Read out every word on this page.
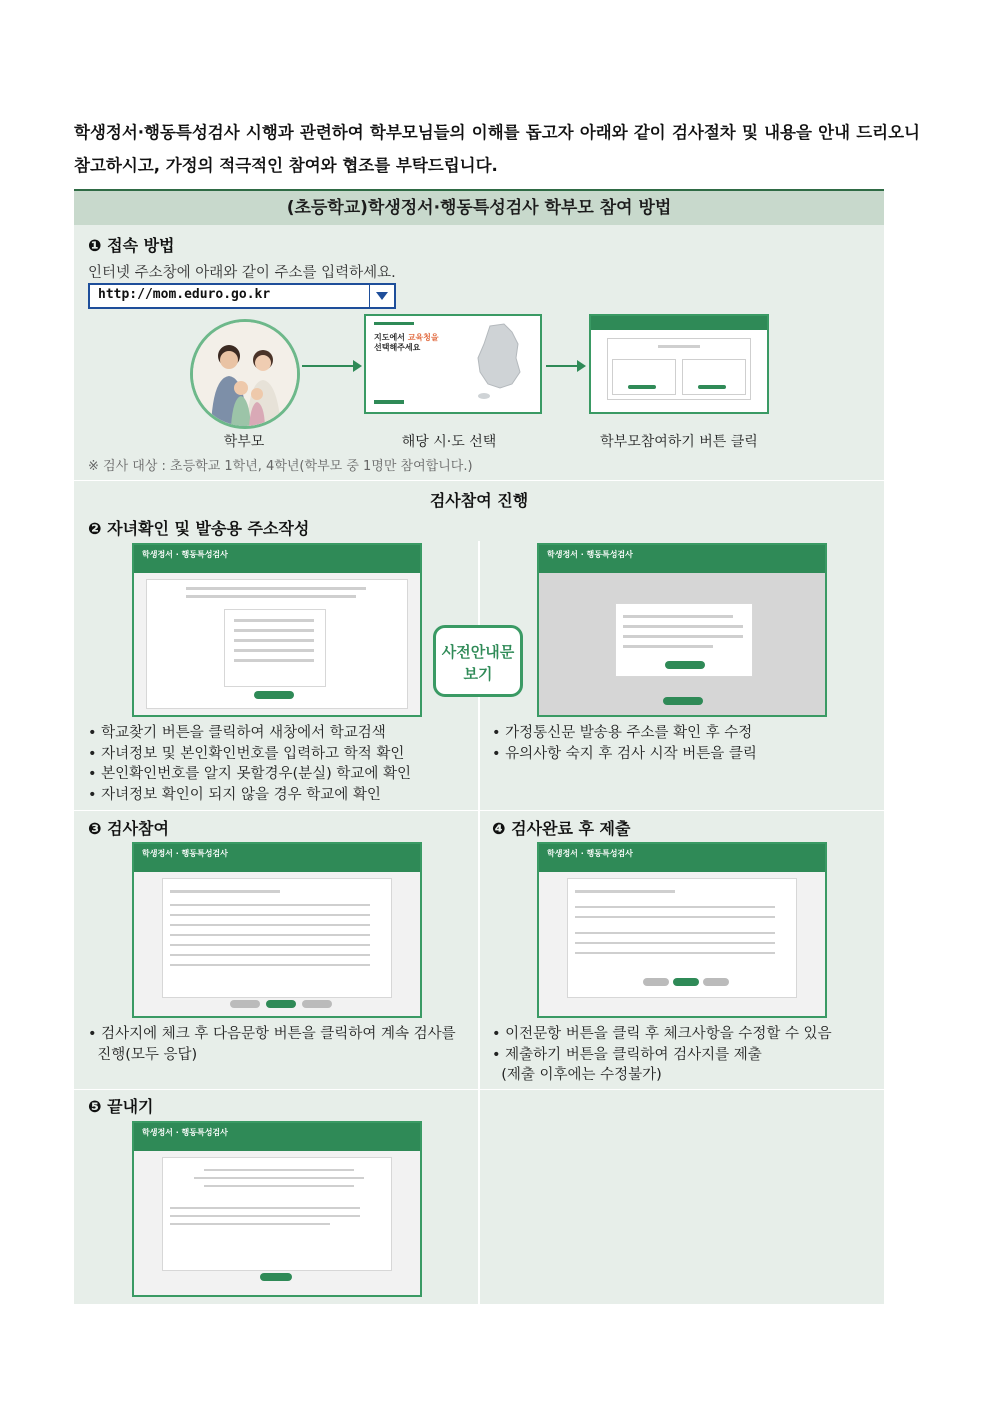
학생정서·행동특성검사 시행과 관련하여 학부모님들의 이해를 돕고자 아래와 같이 검사절차 및 내용을 안내 드리오니 참고하시고, 가정의 적극적인 참여와 협조를 부탁드립니다.
(초등학교)학생정서·행동특성검사 학부모 참여 방법
❶ 접속 방법
인터넷 주소창에 아래와 같이 주소를 입력하세요.
http://mom.eduro.go.kr
지도에서 교육청을
선택해주세요
학부모	해당 시·도 선택	학부모참여하기 버튼 클릭
※ 검사 대상 : 초등학교 1학년, 4학년(학부모 중 1명만 참여합니다.)
검사참여 진행
❷ 자녀확인 및 발송용 주소작성
학생정서 · 행동특성검사
사전안내문
보기
학생정서 · 행동특성검사
• 학교찾기 버튼을 클릭하여 새창에서 학교검색
• 자녀정보 및 본인확인번호를 입력하고 학적 확인
• 본인확인번호를 알지 못할경우(분실) 학교에 확인
• 자녀정보 확인이 되지 않을 경우 학교에 확인
• 가정통신문 발송용 주소를 확인 후 수정
• 유의사항 숙지 후 검사 시작 버튼을 클릭
❸ 검사참여
학생정서 · 행동특성검사
• 검사지에 체크 후 다음문항 버튼을 클릭하여 계속 검사를
진행(모두 응답)
❹ 검사완료 후 제출
학생정서 · 행동특성검사
• 이전문항 버튼을 클릭 후 체크사항을 수정할 수 있음
• 제출하기 버튼을 클릭하여 검사지를 제출
(제출 이후에는 수정불가)
❺ 끝내기
학생정서 · 행동특성검사
